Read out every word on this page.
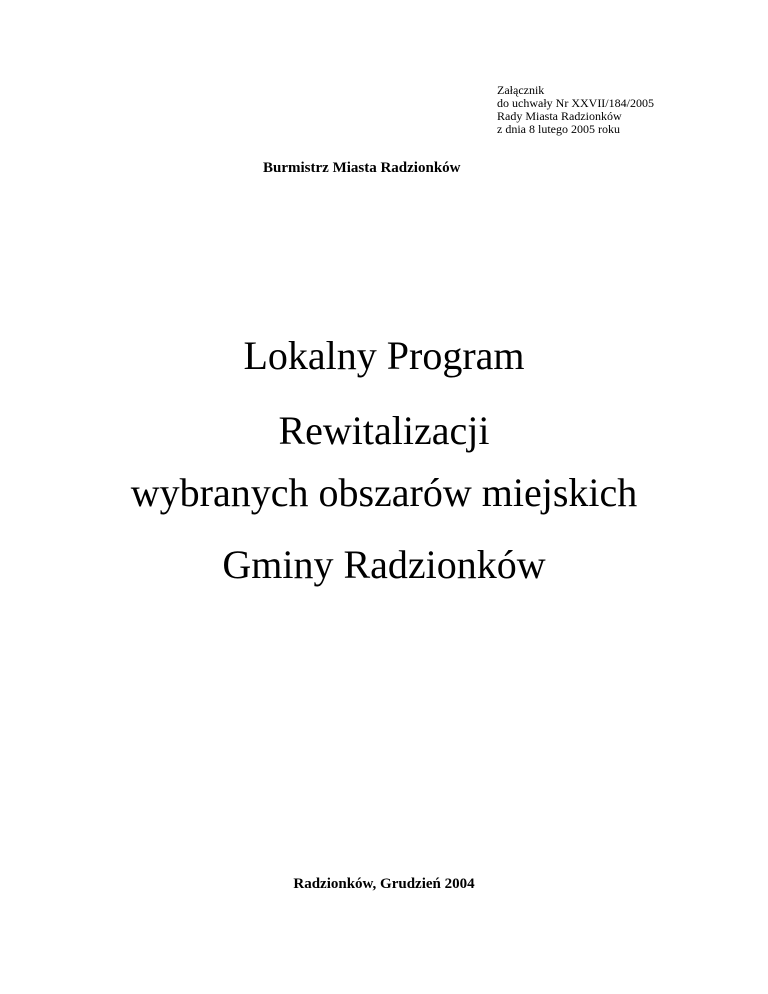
Załącznik
do uchwały Nr XXVII/184/2005
Rady Miasta Radzionków
z dnia 8 lutego 2005 roku
Burmistrz Miasta Radzionków
Lokalny Program
Rewitalizacji
wybranych obszarów miejskich
Gminy Radzionków
Radzionków, Grudzień 2004
